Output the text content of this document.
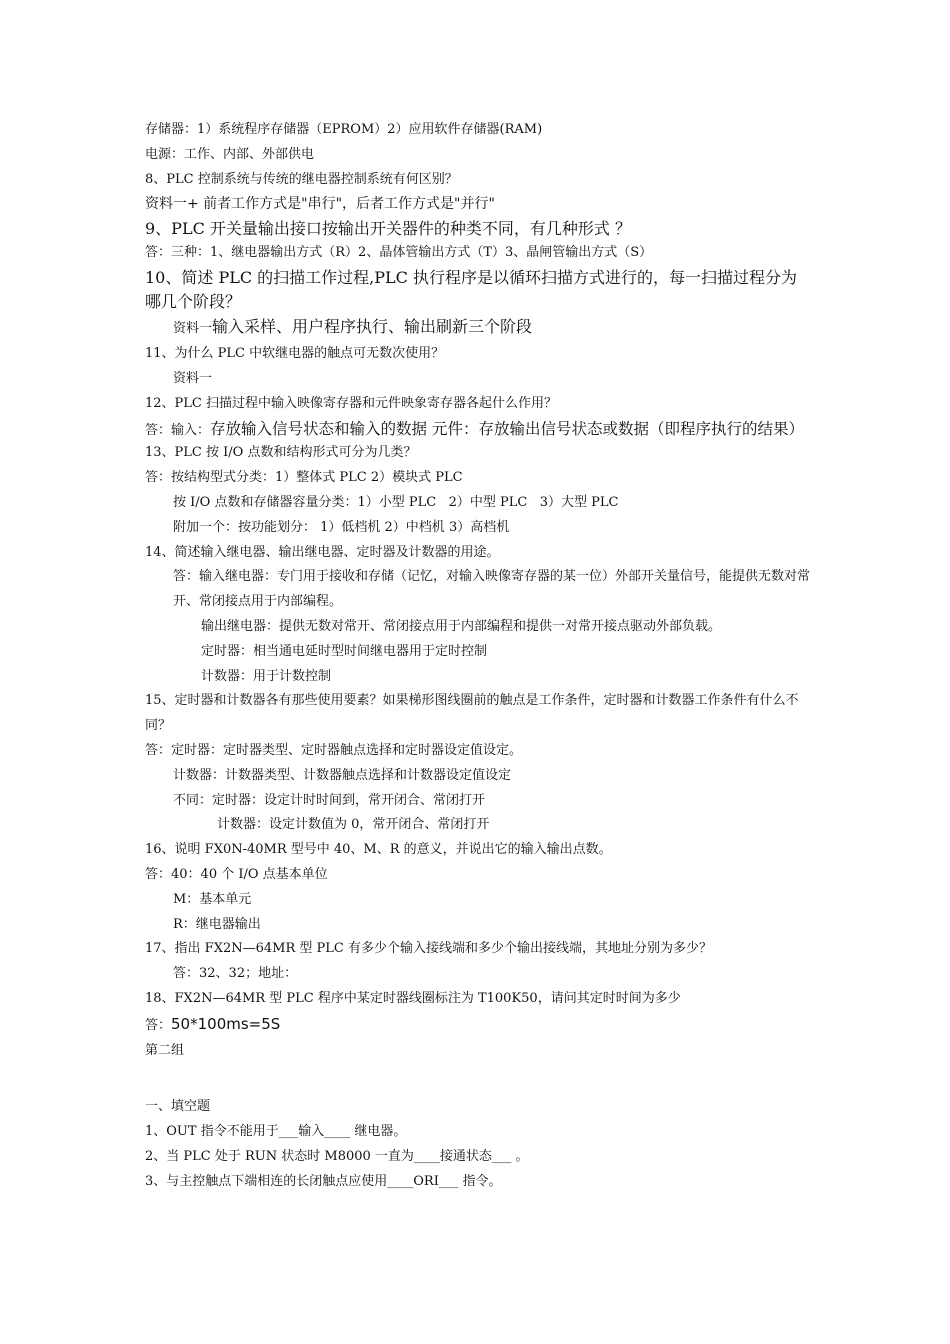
存储器：1）系统程序存储器（EPROM）2）应用软件存储器(RAM)
电源：工作、内部、外部供电
8、PLC 控制系统与传统的继电器控制系统有何区别？
资料一+ 前者工作方式是"串行"，后者工作方式是"并行"
9、PLC 开关量输出接口按输出开关器件的种类不同，有几种形式 ？
答：三种：1、继电器输出方式（R）2、晶体管输出方式（T）3、晶闸管输出方式（S）
10、简述 PLC 的扫描工作过程,PLC 执行程序是以循环扫描方式进行的，每一扫描过程分为哪几个阶段？
资料一输入采样、用户程序执行、输出刷新三个阶段
11、为什么 PLC 中软继电器的触点可无数次使用？
资料一
12、PLC 扫描过程中输入映像寄存器和元件映象寄存器各起什么作用？
答：输入：存放输入信号状态和输入的数据 元件：存放输出信号状态或数据（即程序执行的结果）
13、PLC 按 I/O 点数和结构形式可分为几类？
答：按结构型式分类：1）整体式 PLC 2）模块式 PLC
按 I/O 点数和存储器容量分类：1）小型 PLC   2）中型 PLC   3）大型 PLC
附加一个：按功能划分： 1）低档机 2）中档机 3）高档机
14、简述输入继电器、输出继电器、定时器及计数器的用途。
答：输入继电器：专门用于接收和存储（记忆，对输入映像寄存器的某一位）外部开关量信号，能提供无数对常开、常闭接点用于内部编程。
输出继电器：提供无数对常开、常闭接点用于内部编程和提供一对常开接点驱动外部负载。
定时器：相当通电延时型时间继电器用于定时控制
计数器：用于计数控制
15、定时器和计数器各有那些使用要素？如果梯形图线圈前的触点是工作条件，定时器和计数器工作条件有什么不同？
答：定时器：定时器类型、定时器触点选择和定时器设定值设定。
计数器：计数器类型、计数器触点选择和计数器设定值设定
不同：定时器：设定计时时间到，常开闭合、常闭打开
计数器：设定计数值为 0，常开闭合、常闭打开
16、说明 FX0N-40MR 型号中 40、M、R 的意义，并说出它的输入输出点数。
答：40：40 个 I/O 点基本单位
M：基本单元
R：继电器输出
17、指出 FX2N—64MR 型 PLC 有多少个输入接线端和多少个输出接线端，其地址分别为多少？
答：32、32；地址：
18、FX2N—64MR 型 PLC 程序中某定时器线圈标注为 T100K50，请问其定时时间为多少
答：50*100ms=5S
第二组
一、填空题
1、OUT 指令不能用于___输入____ 继电器。
2、当 PLC 处于 RUN 状态时 M8000 一直为____接通状态___ 。
3、与主控触点下端相连的长闭触点应使用____ORI___ 指令。
